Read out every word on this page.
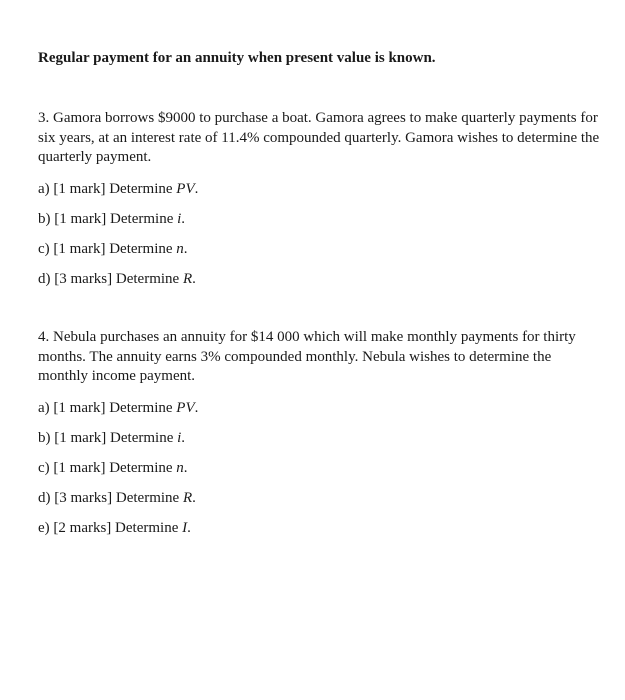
Regular payment for an annuity when present value is known.

3. Gamora borrows $9000 to purchase a boat. Gamora agrees to make quarterly payments for six years, at an interest rate of 11.4% compounded quarterly. Gamora wishes to determine the quarterly payment.

a) [1 mark] Determine PV.

b) [1 mark] Determine i.

c) [1 mark] Determine n.

d) [3 marks] Determine R.

4. Nebula purchases an annuity for $14 000 which will make monthly payments for thirty months. The annuity earns 3% compounded monthly. Nebula wishes to determine the monthly income payment.

a) [1 mark] Determine PV.

b) [1 mark] Determine i.

c) [1 mark] Determine n.

d) [3 marks] Determine R.

e) [2 marks] Determine I.
